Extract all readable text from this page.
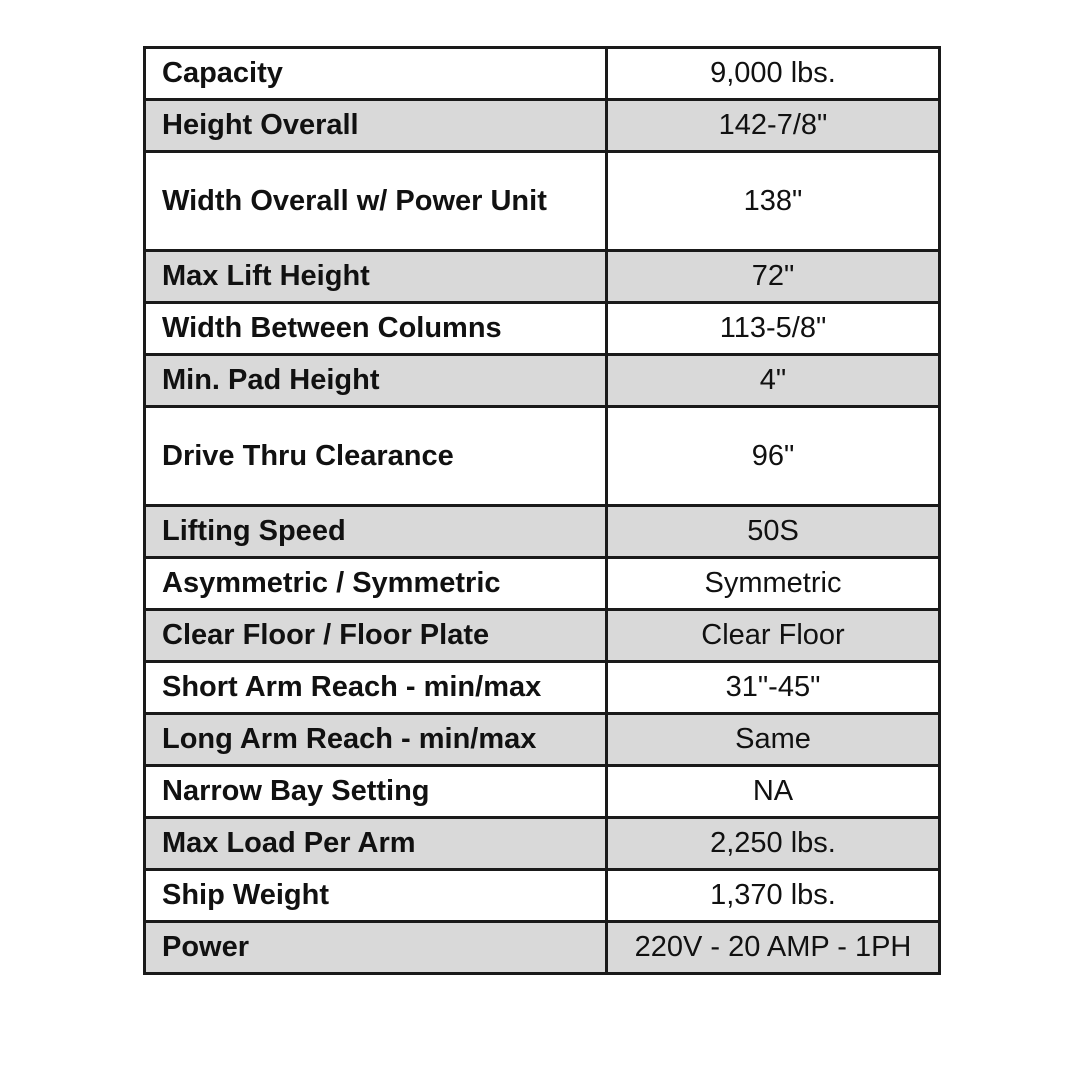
Capacity	9,000 lbs.
Height Overall	142-7/8"
Width Overall w/ Power Unit	138"
Max Lift Height	72"
Width Between Columns	113-5/8"
Min. Pad Height	4"
Drive Thru Clearance	96"
Lifting Speed	50S
Asymmetric / Symmetric	Symmetric
Clear Floor / Floor Plate	Clear Floor
Short Arm Reach - min/max	31"-45"
Long Arm Reach - min/max	Same
Narrow Bay Setting	NA
Max Load Per Arm	2,250 lbs.
Ship Weight	1,370 lbs.
Power	220V - 20 AMP - 1PH
